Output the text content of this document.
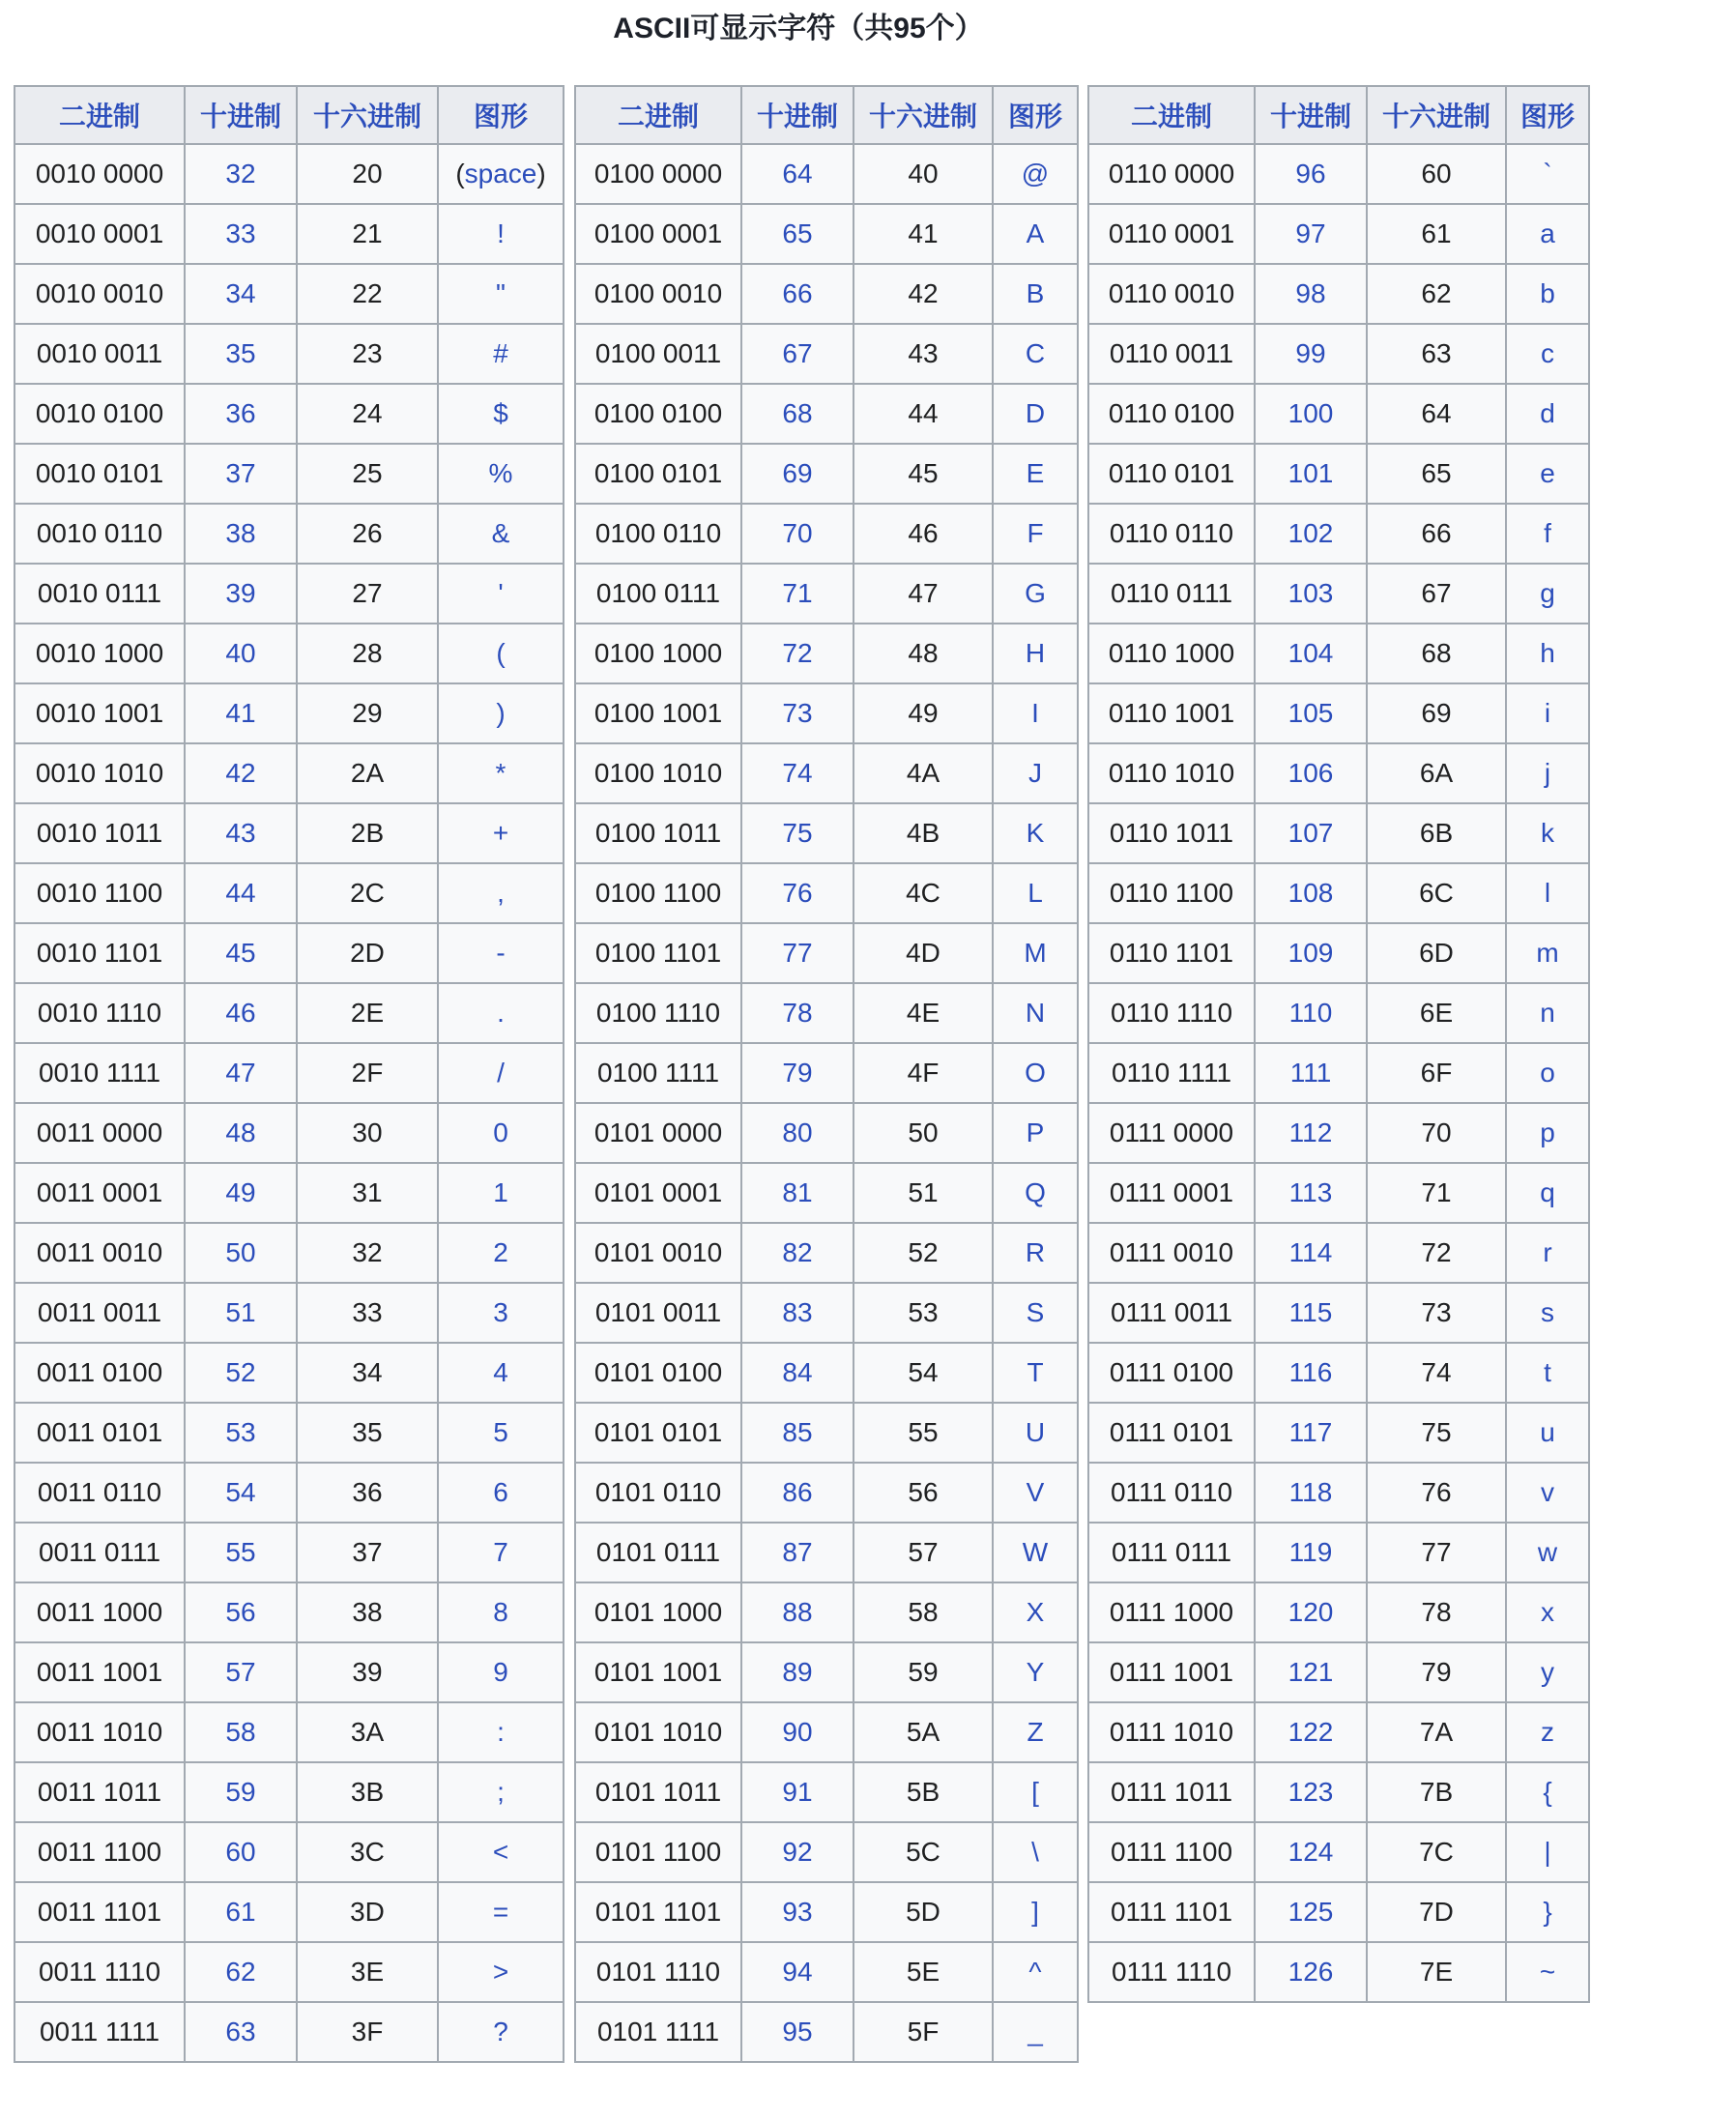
ASCII可显示字符（共95个）
二进制	十进制	十六进制	图形
0010 0000	32	20	(space)
0010 0001	33	21	!
0010 0010	34	22	"
0010 0011	35	23	#
0010 0100	36	24	$
0010 0101	37	25	%
0010 0110	38	26	&
0010 0111	39	27	'
0010 1000	40	28	(
0010 1001	41	29	)
0010 1010	42	2A	*
0010 1011	43	2B	+
0010 1100	44	2C	,
0010 1101	45	2D	-
0010 1110	46	2E	.
0010 1111	47	2F	/
0011 0000	48	30	0
0011 0001	49	31	1
0011 0010	50	32	2
0011 0011	51	33	3
0011 0100	52	34	4
0011 0101	53	35	5
0011 0110	54	36	6
0011 0111	55	37	7
0011 1000	56	38	8
0011 1001	57	39	9
0011 1010	58	3A	:
0011 1011	59	3B	;
0011 1100	60	3C	<
0011 1101	61	3D	=
0011 1110	62	3E	>
0011 1111	63	3F	?
二进制	十进制	十六进制	图形
0100 0000	64	40	@
0100 0001	65	41	A
0100 0010	66	42	B
0100 0011	67	43	C
0100 0100	68	44	D
0100 0101	69	45	E
0100 0110	70	46	F
0100 0111	71	47	G
0100 1000	72	48	H
0100 1001	73	49	I
0100 1010	74	4A	J
0100 1011	75	4B	K
0100 1100	76	4C	L
0100 1101	77	4D	M
0100 1110	78	4E	N
0100 1111	79	4F	O
0101 0000	80	50	P
0101 0001	81	51	Q
0101 0010	82	52	R
0101 0011	83	53	S
0101 0100	84	54	T
0101 0101	85	55	U
0101 0110	86	56	V
0101 0111	87	57	W
0101 1000	88	58	X
0101 1001	89	59	Y
0101 1010	90	5A	Z
0101 1011	91	5B	[
0101 1100	92	5C	\
0101 1101	93	5D	]
0101 1110	94	5E	^
0101 1111	95	5F	_
二进制	十进制	十六进制	图形
0110 0000	96	60	`
0110 0001	97	61	a
0110 0010	98	62	b
0110 0011	99	63	c
0110 0100	100	64	d
0110 0101	101	65	e
0110 0110	102	66	f
0110 0111	103	67	g
0110 1000	104	68	h
0110 1001	105	69	i
0110 1010	106	6A	j
0110 1011	107	6B	k
0110 1100	108	6C	l
0110 1101	109	6D	m
0110 1110	110	6E	n
0110 1111	111	6F	o
0111 0000	112	70	p
0111 0001	113	71	q
0111 0010	114	72	r
0111 0011	115	73	s
0111 0100	116	74	t
0111 0101	117	75	u
0111 0110	118	76	v
0111 0111	119	77	w
0111 1000	120	78	x
0111 1001	121	79	y
0111 1010	122	7A	z
0111 1011	123	7B	{
0111 1100	124	7C	|
0111 1101	125	7D	}
0111 1110	126	7E	~
